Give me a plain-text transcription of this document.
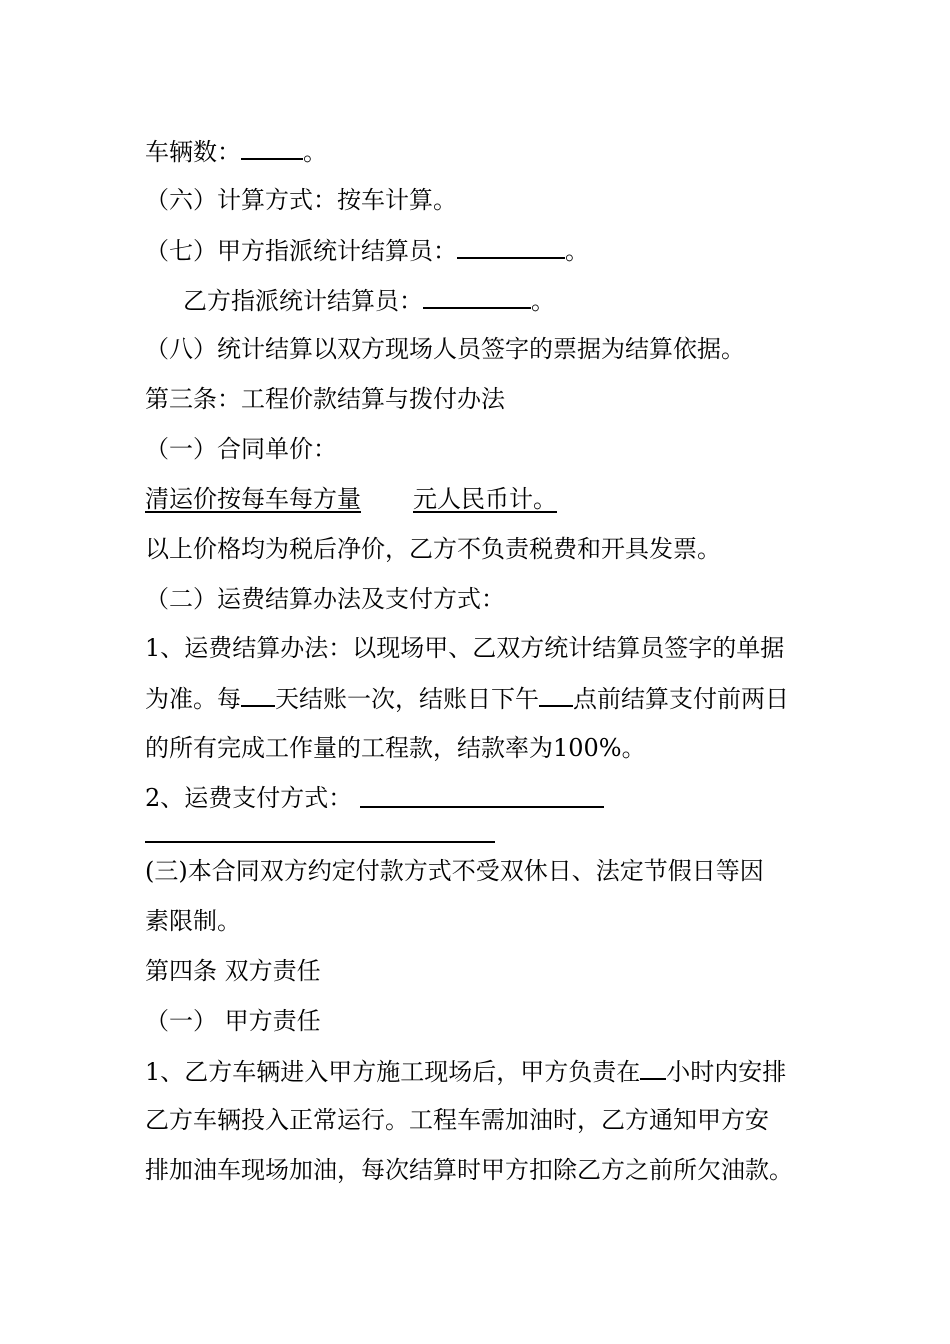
车辆数：	。
（六）计算方式：按车计算。
（七）甲方指派统计结算员：	。
乙方指派统计结算员：	。
（八）统计结算以双方现场人员签字的票据为结算依据。
第三条：工程价款结算与拨付办法
（一）合同单价：
清运价按每车每方量 元人民币计。
以上价格均为税后净价，乙方不负责税费和开具发票。
（二）运费结算办法及支付方式：
1、运费结算办法：以现场甲、乙双方统计结算员签字的单据
为准。每 天结账一次，结账日下午 点前结算支付前两日
的所有完成工作量的工程款，结款率为100%。
2、运费支付方式：
(三)本合同双方约定付款方式不受双休日、法定节假日等因
素限制。
第四条 双方责任
（一） 甲方责任
1、乙方车辆进入甲方施工现场后，甲方负责在 小时内安排
乙方车辆投入正常运行。工程车需加油时，乙方通知甲方安
排加油车现场加油，每次结算时甲方扣除乙方之前所欠油款。
